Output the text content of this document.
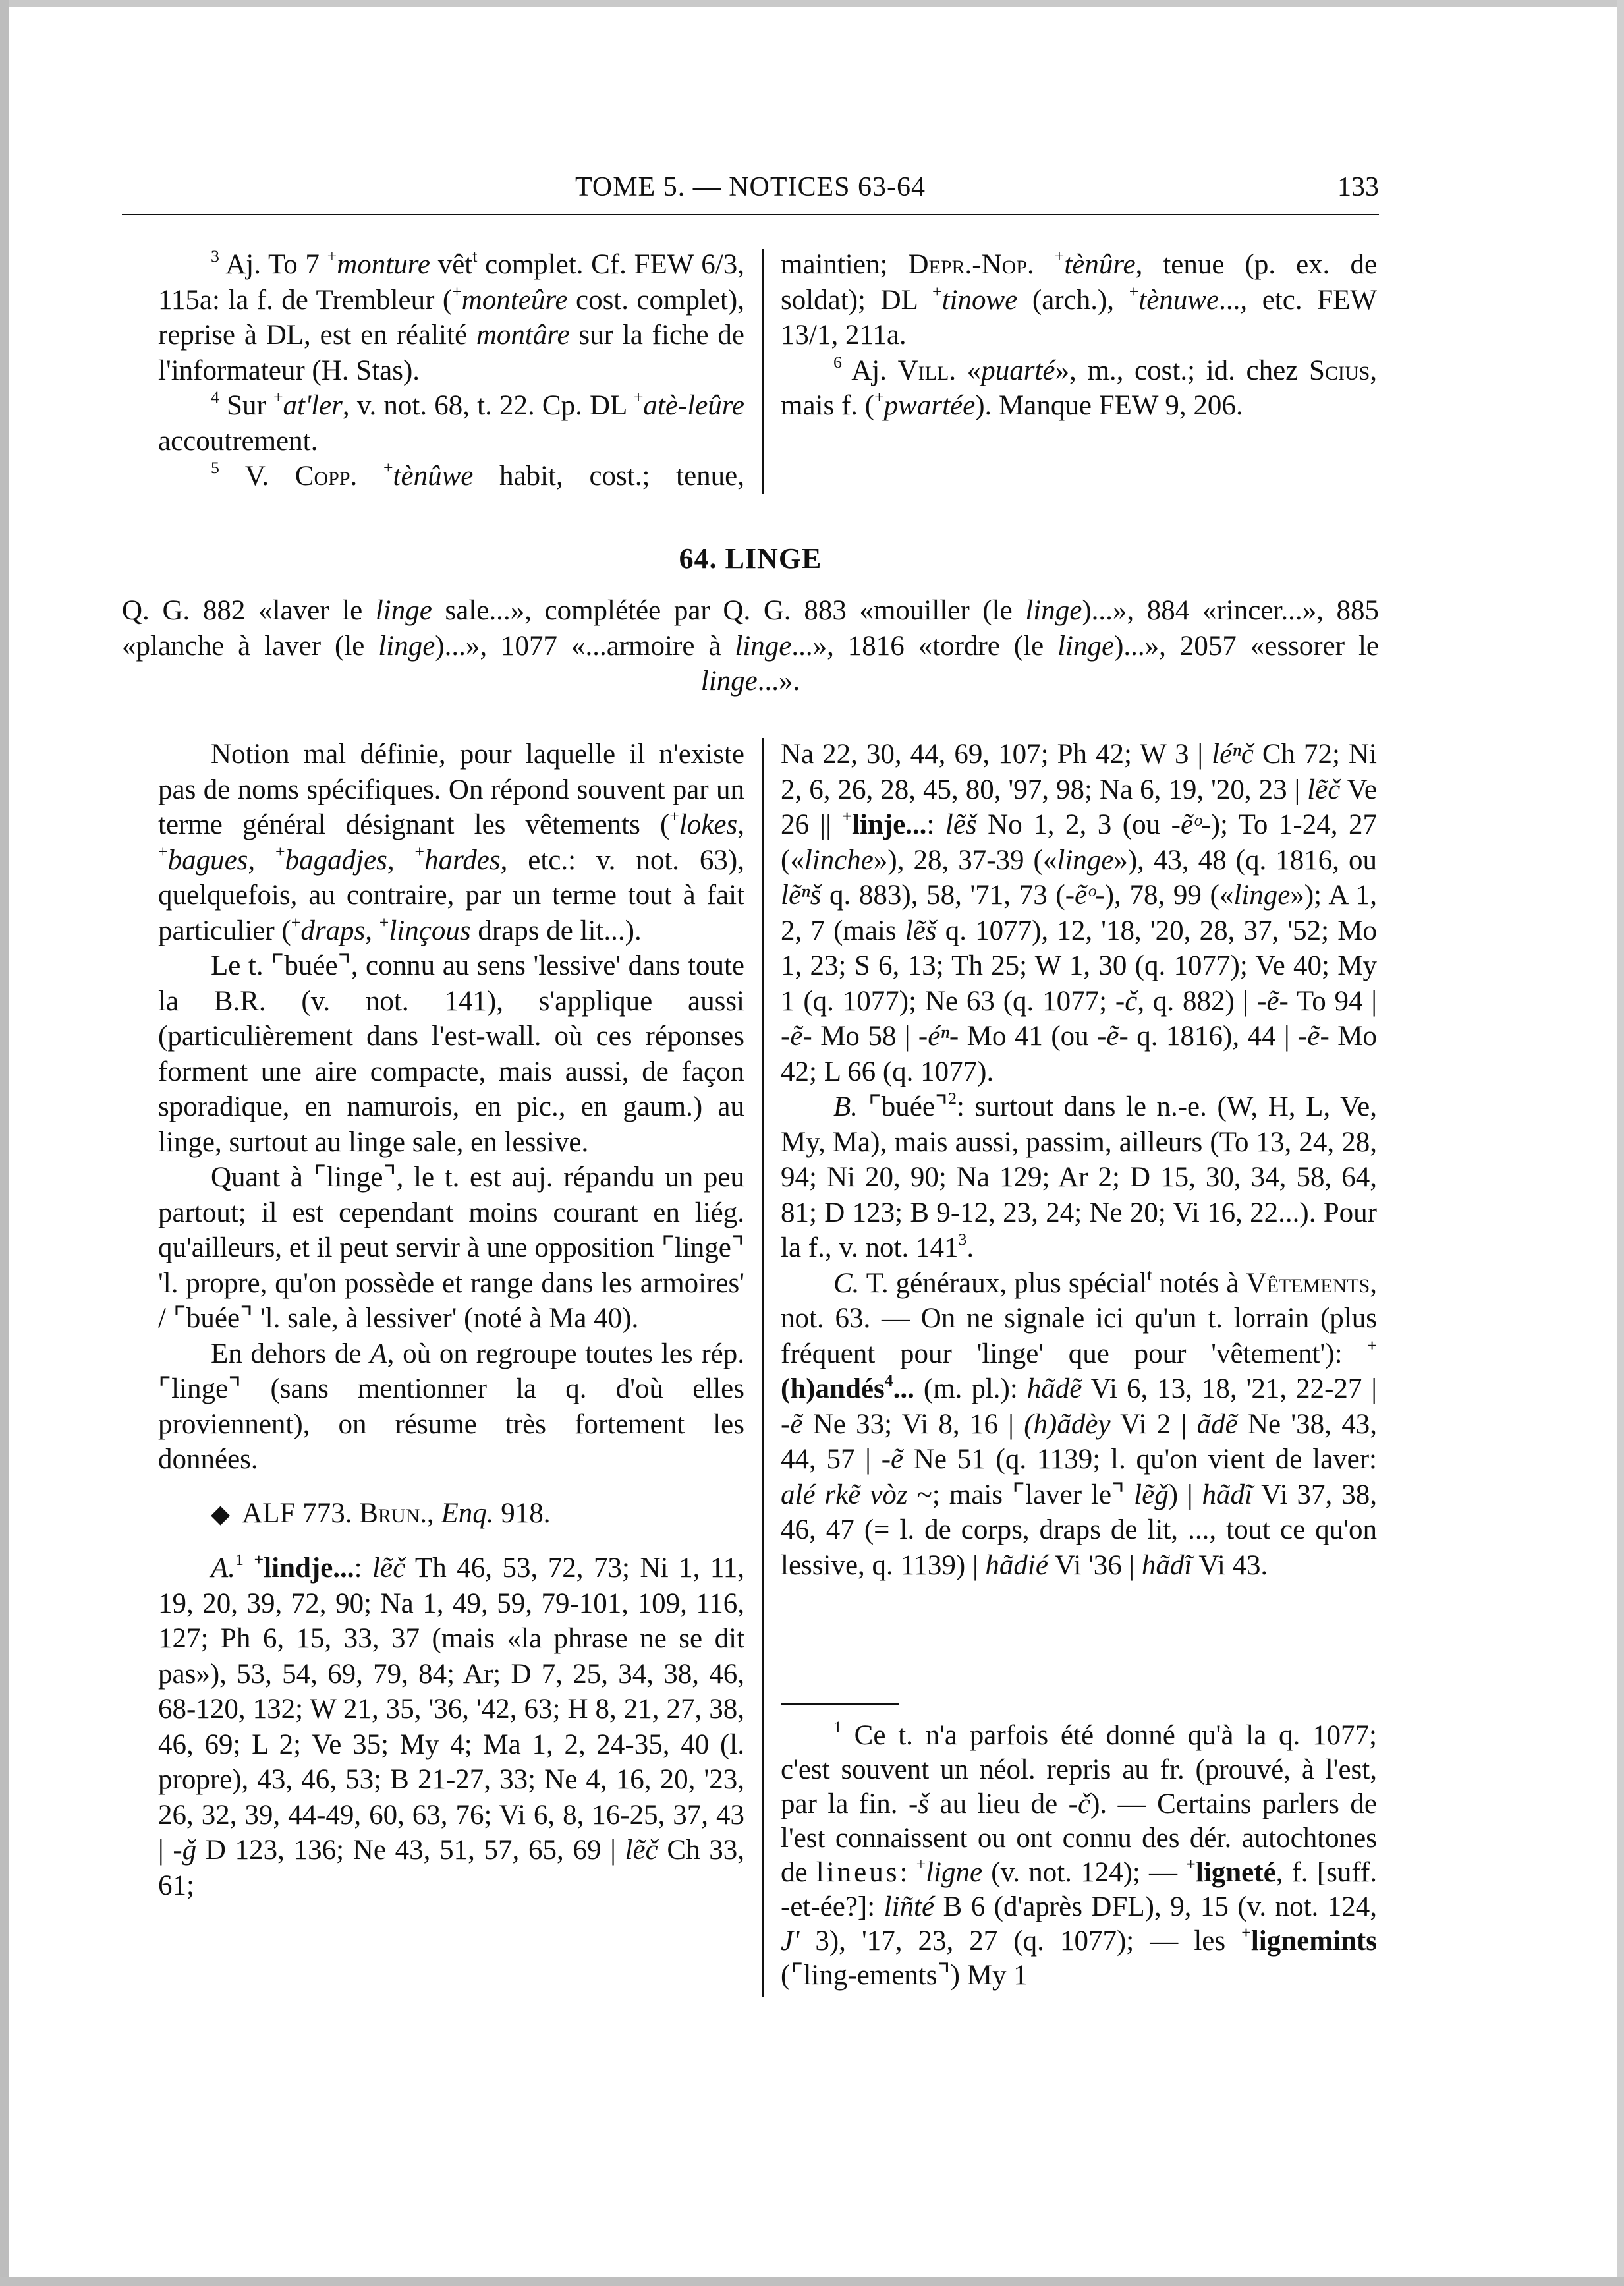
TOME 5. — NOTICES 63-64	133

$^3$ Aj. To 7 +monture vêt$^t$ complet. Cf. FEW 6/3, 115a: la f. de Trembleur (+monteûre cost. complet), reprise à DL, est en réalité montâre sur la fiche de l'informateur (H. Stas).

$^4$ Sur +at'ler, v. not. 68, t. 22. Cp. DL +atè-leûre accoutrement.

$^5$ V. Copp. +tènûwe habit, cost.; tenue,

maintien; Depr.-Nop. +tènûre, tenue (p. ex. de soldat); DL +tinowe (arch.), +tènuwe..., etc. FEW 13/1, 211a.

$^6$ Aj. Vill. «puarté», m., cost.; id. chez Scius, mais f. (+pwartée). Manque FEW 9, 206.

64. LINGE
Q. G. 882 «laver le linge sale...», complétée par Q. G. 883 «mouiller (le linge)...», 884 «rincer...», 885 «planche à laver (le linge)...», 1077 «...armoire à linge...», 1816 «tordre (le linge)...», 2057 «essorer le linge...».

Notion mal définie, pour laquelle il n'existe pas de noms spécifiques. On répond souvent par un terme général désignant les vêtements (+lokes, +bagues, +bagadjes, +hardes, etc.: v. not. 63), quelquefois, au contraire, par un terme tout à fait particulier (+draps, +linçous draps de lit...).

Le t. ⌜buée⌝, connu au sens 'lessive' dans toute la B.R. (v. not. 141), s'applique aussi (particulièrement dans l'est-wall. où ces réponses forment une aire compacte, mais aussi, de façon sporadique, en namurois, en pic., en gaum.) au linge, surtout au linge sale, en lessive.

Quant à ⌜linge⌝, le t. est auj. répandu un peu partout; il est cependant moins courant en liég. qu'ailleurs, et il peut servir à une opposition ⌜linge⌝ 'l. propre, qu'on possède et range dans les armoires' / ⌜buée⌝ 'l. sale, à lessiver' (noté à Ma 40).

En dehors de A, où on regroupe toutes les rép. ⌜linge⌝ (sans mentionner la q. d'où elles proviennent), on résume très fortement les données.

◆ ALF 773. Brun., Enq. 918.

A.$^1$ +lindje...: lẽč Th 46, 53, 72, 73; Ni 1, 11, 19, 20, 39, 72, 90; Na 1, 49, 59, 79-101, 109, 116, 127; Ph 6, 15, 33, 37 (mais «la phrase ne se dit pas»), 53, 54, 69, 79, 84; Ar; D 7, 25, 34, 38, 46, 68-120, 132; W 21, 35, '36, '42, 63; H 8, 21, 27, 38, 46, 69; L 2; Ve 35; My 4; Ma 1, 2, 24-35, 40 (l. propre), 43, 46, 53; B 21-27, 33; Ne 4, 16, 20, '23, 26, 32, 39, 44-49, 60, 63, 76; Vi 6, 8, 16-25, 37, 43 | -ǧ D 123, 136; Ne 43, 51, 57, 65, 69 | lẽč Ch 33, 61;

Na 22, 30, 44, 69, 107; Ph 42; W 3 | léⁿč Ch 72; Ni 2, 6, 26, 28, 45, 80, '97, 98; Na 6, 19, '20, 23 | lẽč Ve 26 || +linje...: lẽš No 1, 2, 3 (ou -ẽᵒ-); To 1-24, 27 («linche»), 28, 37-39 («linge»), 43, 48 (q. 1816, ou lẽⁿš q. 883), 58, '71, 73 (-ẽᵒ-), 78, 99 («linge»); A 1, 2, 7 (mais lẽš q. 1077), 12, '18, '20, 28, 37, '52; Mo 1, 23; S 6, 13; Th 25; W 1, 30 (q. 1077); Ve 40; My 1 (q. 1077); Ne 63 (q. 1077; -č, q. 882) | -ẽ- To 94 | -ẽ- Mo 58 | -éⁿ- Mo 41 (ou -ẽ- q. 1816), 44 | -ẽ- Mo 42; L 66 (q. 1077).

B. ⌜buée⌝$^2$: surtout dans le n.-e. (W, H, L, Ve, My, Ma), mais aussi, passim, ailleurs (To 13, 24, 28, 94; Ni 20, 90; Na 129; Ar 2; D 15, 30, 34, 58, 64, 81; D 123; B 9-12, 23, 24; Ne 20; Vi 16, 22...). Pour la f., v. not. $141^3$.

C. T. généraux, plus spécial$^t$ notés à Vêtements, not. 63. — On ne signale ici qu'un t. lorrain (plus fréquent pour 'linge' que pour 'vêtement'): +(h)andés$^4$... (m. pl.): hãdẽ Vi 6, 13, 18, '21, 22-27 | -ẽ Ne 33; Vi 8, 16 | (h)ãdèy Vi 2 | ãdẽ Ne '38, 43, 44, 57 | -ẽ Ne 51 (q. 1139; l. qu'on vient de laver: alé rkẽ vòz ~; mais ⌜laver le⌝ lẽǧ) | hãdĩ Vi 37, 38, 46, 47 (= l. de corps, draps de lit, ..., tout ce qu'on lessive, q. 1139) | hãdié Vi '36 | hãdĩ Vi 43.

$^1$ Ce t. n'a parfois été donné qu'à la q. 1077; c'est souvent un néol. repris au fr. (prouvé, à l'est, par la fin. -š au lieu de -č). — Certains parlers de l'est connaissent ou ont connu des dér. autochtones de lineus: +ligne (v. not. 124); — +ligneté, f. [suff. -et-ée?]: liñté B 6 (d'après DFL), 9, 15 (v. not. 124, J' 3), '17, 23, 27 (q. 1077); — les +lignemints (⌜ling-ements⌝) My 1
